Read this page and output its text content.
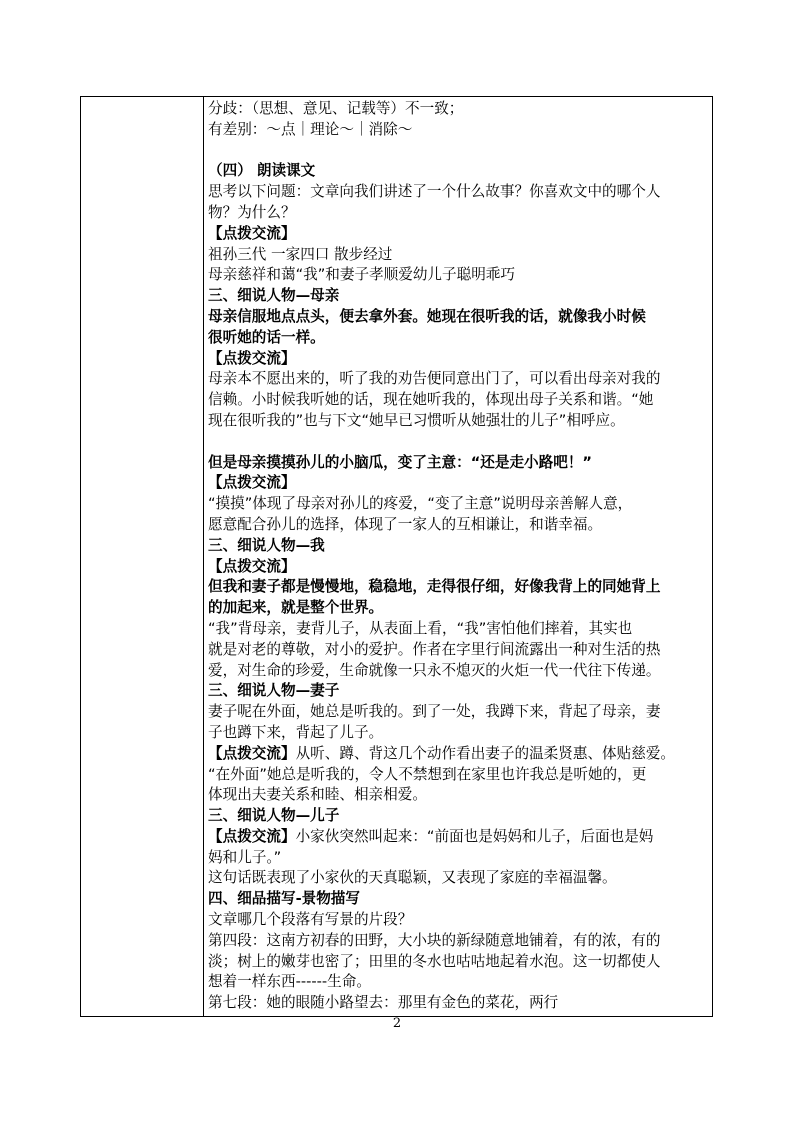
分歧：（思想、意见、记载等）不一致；
有差别：～点｜理论～｜消除～
（四） 朗读课文
思考以下问题：文章向我们讲述了一个什么故事？你喜欢文中的哪个人
物？为什么？
【点拨交流】
祖孙三代 一家四口 散步经过
母亲慈祥和蔼“我”和妻子孝顺爱幼儿子聪明乖巧
三、细说人物—母亲
母亲信服地点点头，便去拿外套。她现在很听我的话，就像我小时候
很听她的话一样。
【点拨交流】
母亲本不愿出来的，听了我的劝告便同意出门了，可以看出母亲对我的
信赖。小时候我听她的话，现在她听我的，体现出母子关系和谐。“她
现在很听我的”也与下文“她早已习惯听从她强壮的儿子”相呼应。
但是母亲摸摸孙儿的小脑瓜，变了主意：“还是走小路吧！”
【点拨交流】
“摸摸”体现了母亲对孙儿的疼爱，“变了主意”说明母亲善解人意，
愿意配合孙儿的选择，体现了一家人的互相谦让，和谐幸福。
三、细说人物—我
【点拨交流】
但我和妻子都是慢慢地，稳稳地，走得很仔细，好像我背上的同她背上
的加起来，就是整个世界。
“我”背母亲，妻背儿子，从表面上看，“我”害怕他们摔着，其实也
就是对老的尊敬，对小的爱护。作者在字里行间流露出一种对生活的热
爱，对生命的珍爱，生命就像一只永不熄灭的火炬一代一代往下传递。
三、细说人物—妻子
妻子呢在外面，她总是听我的。到了一处，我蹲下来，背起了母亲，妻
子也蹲下来，背起了儿子。
【点拨交流】从听、蹲、背这几个动作看出妻子的温柔贤惠、体贴慈爱。
“在外面”她总是听我的，令人不禁想到在家里也许我总是听她的，更
体现出夫妻关系和睦、相亲相爱。
三、细说人物—儿子
【点拨交流】小家伙突然叫起来：“前面也是妈妈和儿子，后面也是妈
妈和儿子。”
这句话既表现了小家伙的天真聪颖，又表现了家庭的幸福温馨。
四、细品描写-景物描写
文章哪几个段落有写景的片段？
第四段：这南方初春的田野，大小块的新绿随意地铺着，有的浓，有的
淡；树上的嫩芽也密了；田里的冬水也咕咕地起着水泡。这一切都使人
想着一样东西------生命。
第七段：她的眼随小路望去：那里有金色的菜花，两行
2
